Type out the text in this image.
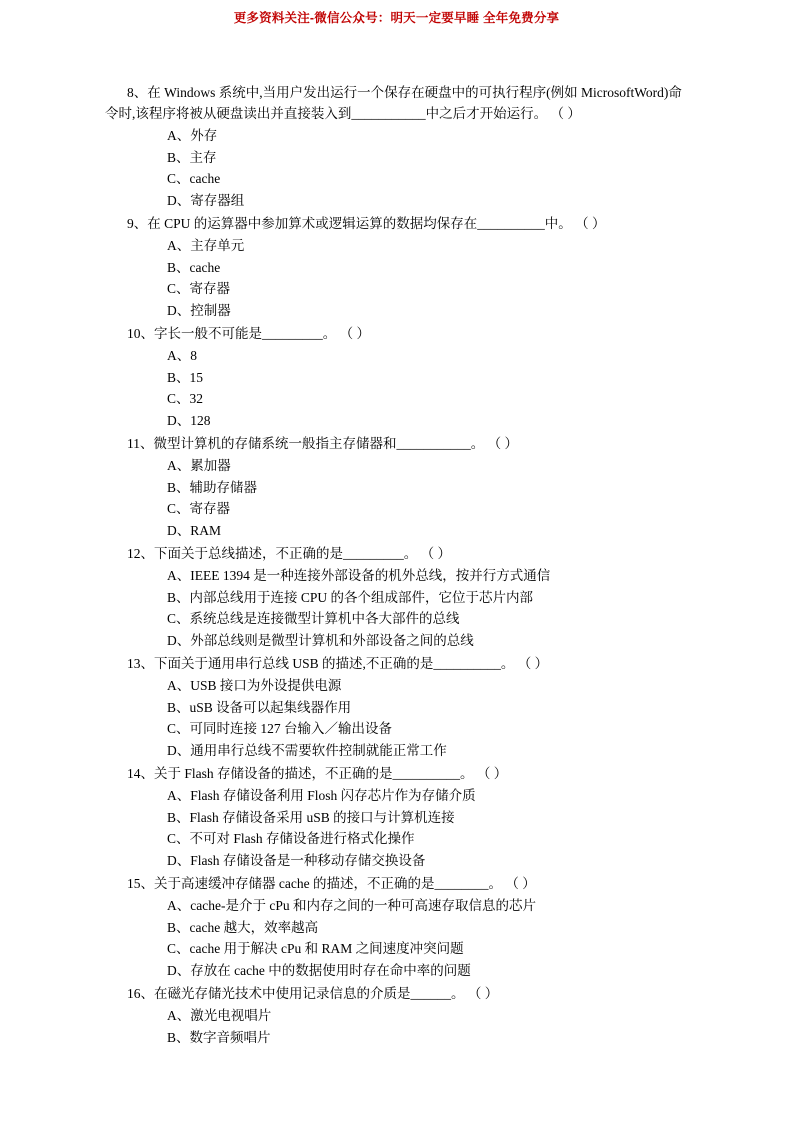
更多资料关注-微信公众号：明天一定要早睡 全年免费分享

8、在 Windows 系统中,当用户发出运行一个保存在硬盘中的可执行程序(例如 MicrosoftWord)命令时,该程序将被从硬盘读出并直接装入到___________中之后才开始运行。 （ ）

A、外存

B、主存

C、cache

D、寄存器组

9、在 CPU 的运算器中参加算术或逻辑运算的数据均保存在__________中。 （ ）

A、主存单元

B、cache

C、寄存器

D、控制器

10、字长一般不可能是_________。 （ ）

A、8

B、15

C、32

D、128

11、微型计算机的存储系统一般指主存储器和___________。 （ ）

A、累加器

B、辅助存储器

C、寄存器

D、RAM

12、下面关于总线描述，不正确的是_________。 （ ）

A、IEEE 1394 是一种连接外部设备的机外总线，按并行方式通信

B、内部总线用于连接 CPU 的各个组成部件，它位于芯片内部

C、系统总线是连接微型计算机中各大部件的总线

D、外部总线则是微型计算机和外部设备之间的总线

13、下面关于通用串行总线 USB 的描述,不正确的是__________。 （ ）

A、USB 接口为外设提供电源

B、uSB 设备可以起集线器作用

C、可同时连接 127 台输入／输出设备

D、通用串行总线不需要软件控制就能正常工作

14、关于 Flash 存储设备的描述，不正确的是__________。 （ ）

A、Flash 存储设备利用 Flosh 闪存芯片作为存储介质

B、Flash 存储设备采用 uSB 的接口与计算机连接

C、不可对 Flash 存储设备进行格式化操作

D、Flash 存储设备是一种移动存储交换设备

15、关于高速缓冲存储器 cache 的描述，不正确的是________。 （ ）

A、cache-是介于 cPu 和内存之间的一种可高速存取信息的芯片

B、cache 越大，效率越高

C、cache 用于解决 cPu 和 RAM 之间速度冲突问题

D、存放在 cache 中的数据使用时存在命中率的问题

16、在磁光存储光技术中使用记录信息的介质是______。 （ ）

A、激光电视唱片

B、数字音频唱片
